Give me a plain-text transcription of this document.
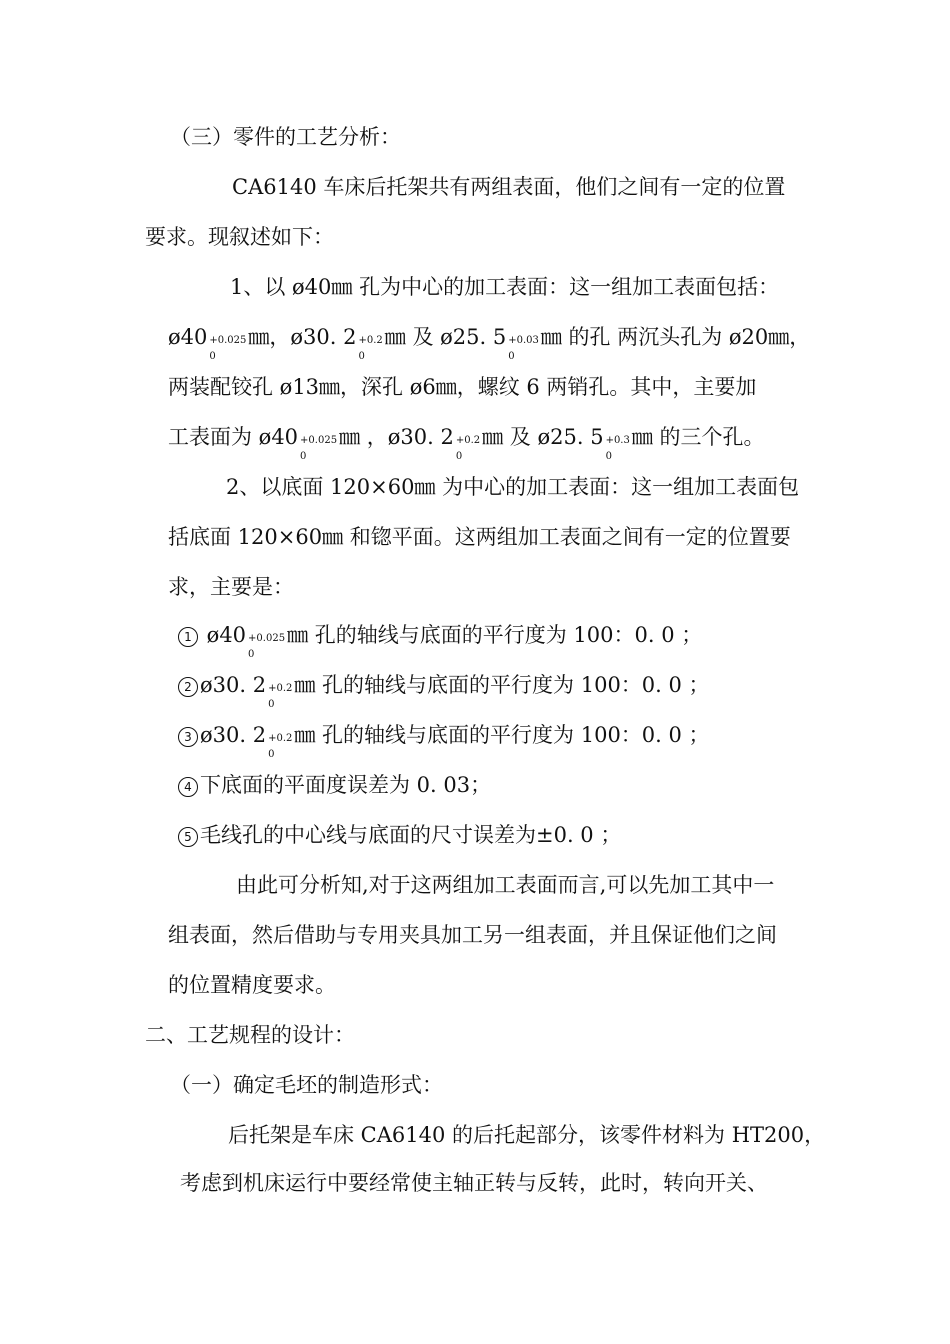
（三）零件的工艺分析：
CA6140 车床后托架共有两组表面，他们之间有一定的位置
要求。现叙述如下：
1、以 ø40㎜ 孔为中心的加工表面：这一组加工表面包括：
ø40 +0.025
0
㎜，ø30. 2 +0.2
0
㎜ 及 ø25. 5 +0.03
0
㎜ 的孔 两沉头孔为 ø20㎜，
两装配铰孔 ø13㎜，深孔 ø6㎜，螺纹 6 两销孔。其中，主要加
工表面为 ø40 +0.025
0
㎜ ，ø30. 2 +0.2
0
㎜ 及 ø25. 5 +0.3
0
㎜ 的三个孔。
2、以底面 120×60㎜ 为中心的加工表面：这一组加工表面包
括底面 120×60㎜ 和锪平面。这两组加工表面之间有一定的位置要
求，主要是：
1 ø40 +0.025
0
㎜ 孔的轴线与底面的平行度为 100：0. 0 ；
2 ø30. 2 +0.2
0
㎜ 孔的轴线与底面的平行度为 100：0. 0 ；
3 ø30. 2 +0.2
0
㎜ 孔的轴线与底面的平行度为 100：0. 0 ；
4 下底面的平面度误差为 0. 03；
5 毛线孔的中心线与底面的尺寸误差为±0. 0 ；
由此可分析知,对于这两组加工表面而言,可以先加工其中一
组表面，然后借助与专用夹具加工另一组表面，并且保证他们之间
的位置精度要求。
二、工艺规程的设计：
（一）确定毛坯的制造形式：
后托架是车床 CA6140 的后托起部分，该零件材料为 HT200，
考虑到机床运行中要经常使主轴正转与反转，此时，转向开关、
